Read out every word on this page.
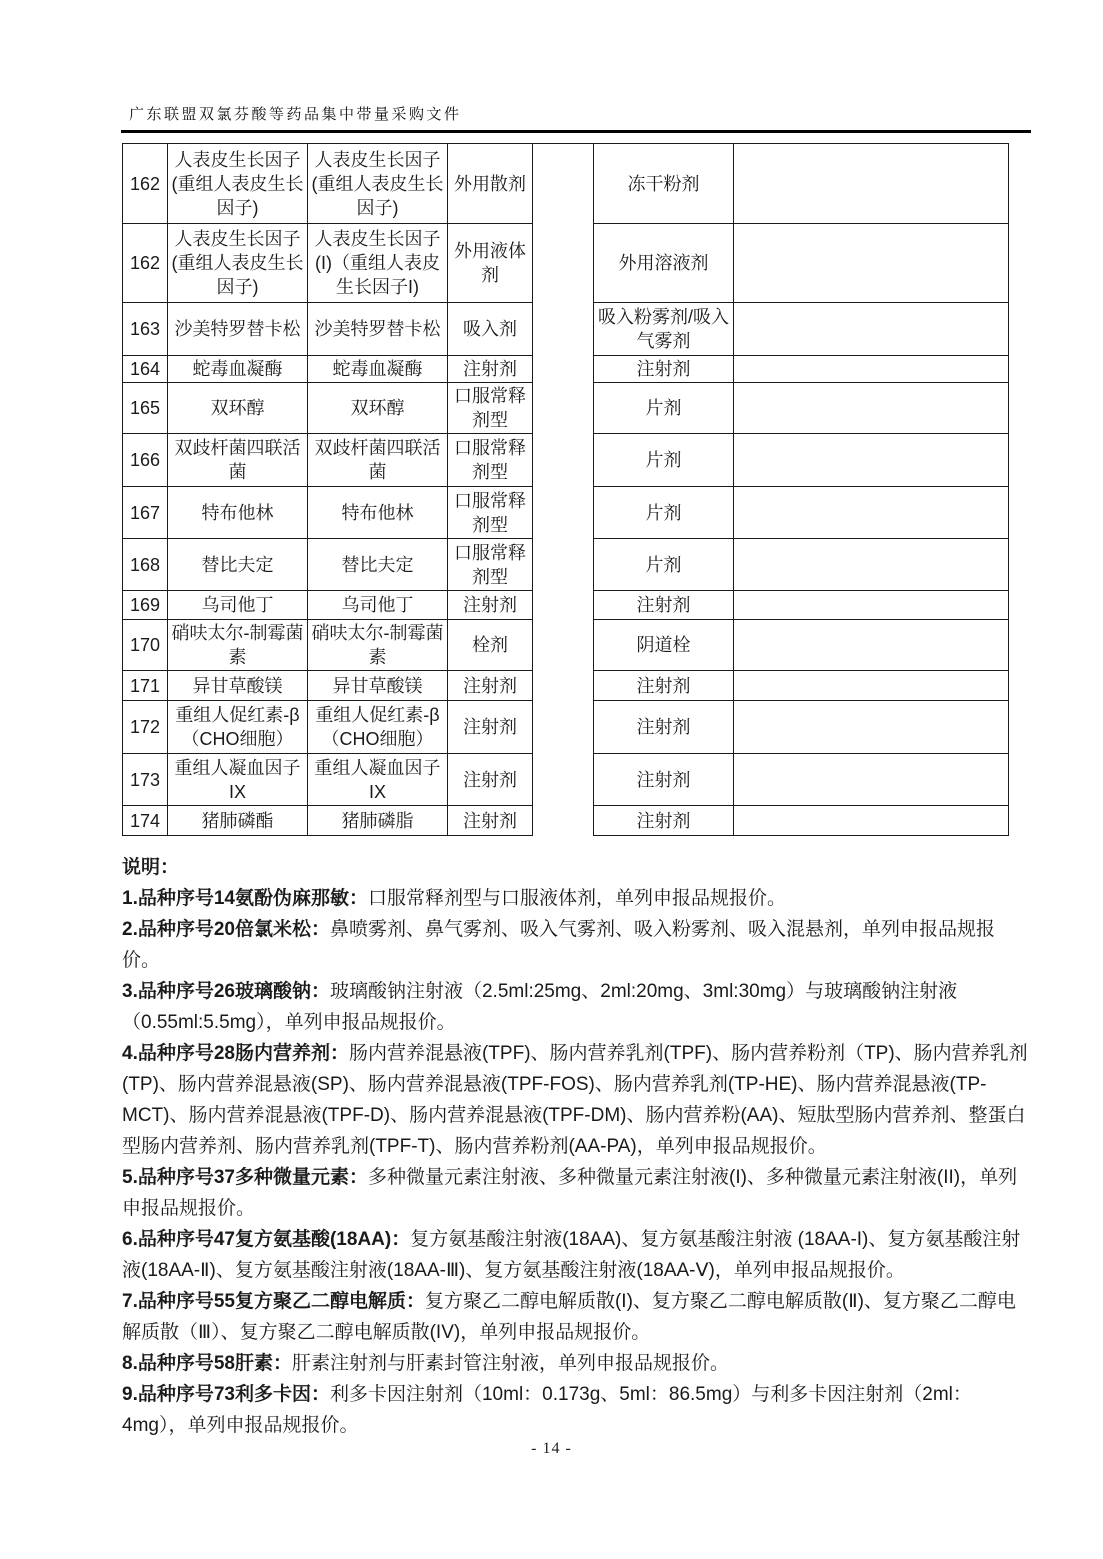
广东联盟双氯芬酸等药品集中带量采购文件
162	人表皮生长因子(重组人表皮生长因子)	人表皮生长因子(重组人表皮生长因子)	外用散剂		冻干粉剂	
162	人表皮生长因子(重组人表皮生长因子)	人表皮生长因子(I)（重组人表皮生长因子I)	外用液体剂		外用溶液剂	
163	沙美特罗替卡松	沙美特罗替卡松	吸入剂		吸入粉雾剂/吸入气雾剂	
164	蛇毒血凝酶	蛇毒血凝酶	注射剂		注射剂	
165	双环醇	双环醇	口服常释剂型		片剂	
166	双歧杆菌四联活菌	双歧杆菌四联活菌	口服常释剂型		片剂	
167	特布他林	特布他林	口服常释剂型		片剂	
168	替比夫定	替比夫定	口服常释剂型		片剂	
169	乌司他丁	乌司他丁	注射剂		注射剂	
170	硝呋太尔-制霉菌素	硝呋太尔-制霉菌素	栓剂		阴道栓	
171	异甘草酸镁	异甘草酸镁	注射剂		注射剂	
172	重组人促红素-β（CHO细胞）	重组人促红素-β（CHO细胞）	注射剂		注射剂	
173	重组人凝血因子IX	重组人凝血因子IX	注射剂		注射剂	
174	猪肺磷酯	猪肺磷脂	注射剂		注射剂	

说明：

1.品种序号14氨酚伪麻那敏：口服常释剂型与口服液体剂，单列申报品规报价。

2.品种序号20倍氯米松：鼻喷雾剂、鼻气雾剂、吸入气雾剂、吸入粉雾剂、吸入混悬剂，单列申报品规报价。

3.品种序号26玻璃酸钠：玻璃酸钠注射液（2.5ml:25mg、2ml:20mg、3ml:30mg）与玻璃酸钠注射液（0.55ml:5.5mg），单列申报品规报价。

4.品种序号28肠内营养剂：肠内营养混悬液(TPF)、肠内营养乳剂(TPF)、肠内营养粉剂（TP)、肠内营养乳剂(TP)、肠内营养混悬液(SP)、肠内营养混悬液(TPF-FOS)、肠内营养乳剂(TP-HE)、肠内营养混悬液(TP-MCT)、肠内营养混悬液(TPF-D)、肠内营养混悬液(TPF-DM)、肠内营养粉(AA)、短肽型肠内营养剂、整蛋白型肠内营养剂、肠内营养乳剂(TPF-T)、肠内营养粉剂(AA-PA)，单列申报品规报价。

5.品种序号37多种微量元素：多种微量元素注射液、多种微量元素注射液(I)、多种微量元素注射液(II)，单列申报品规报价。

6.品种序号47复方氨基酸(18AA)：复方氨基酸注射液(18AA)、复方氨基酸注射液 (18AA-I)、复方氨基酸注射液(18AA-Ⅱ)、复方氨基酸注射液(18AA-Ⅲ)、复方氨基酸注射液(18AA-Ⅴ)，单列申报品规报价。

7.品种序号55复方聚乙二醇电解质：复方聚乙二醇电解质散(I)、复方聚乙二醇电解质散(Ⅱ)、复方聚乙二醇电解质散（Ⅲ）、复方聚乙二醇电解质散(IV)，单列申报品规报价。

8.品种序号58肝素：肝素注射剂与肝素封管注射液，单列申报品规报价。

9.品种序号73利多卡因：利多卡因注射剂（10ml：0.173g、5ml：86.5mg）与利多卡因注射剂（2ml：4mg），单列申报品规报价。

- 14 -
